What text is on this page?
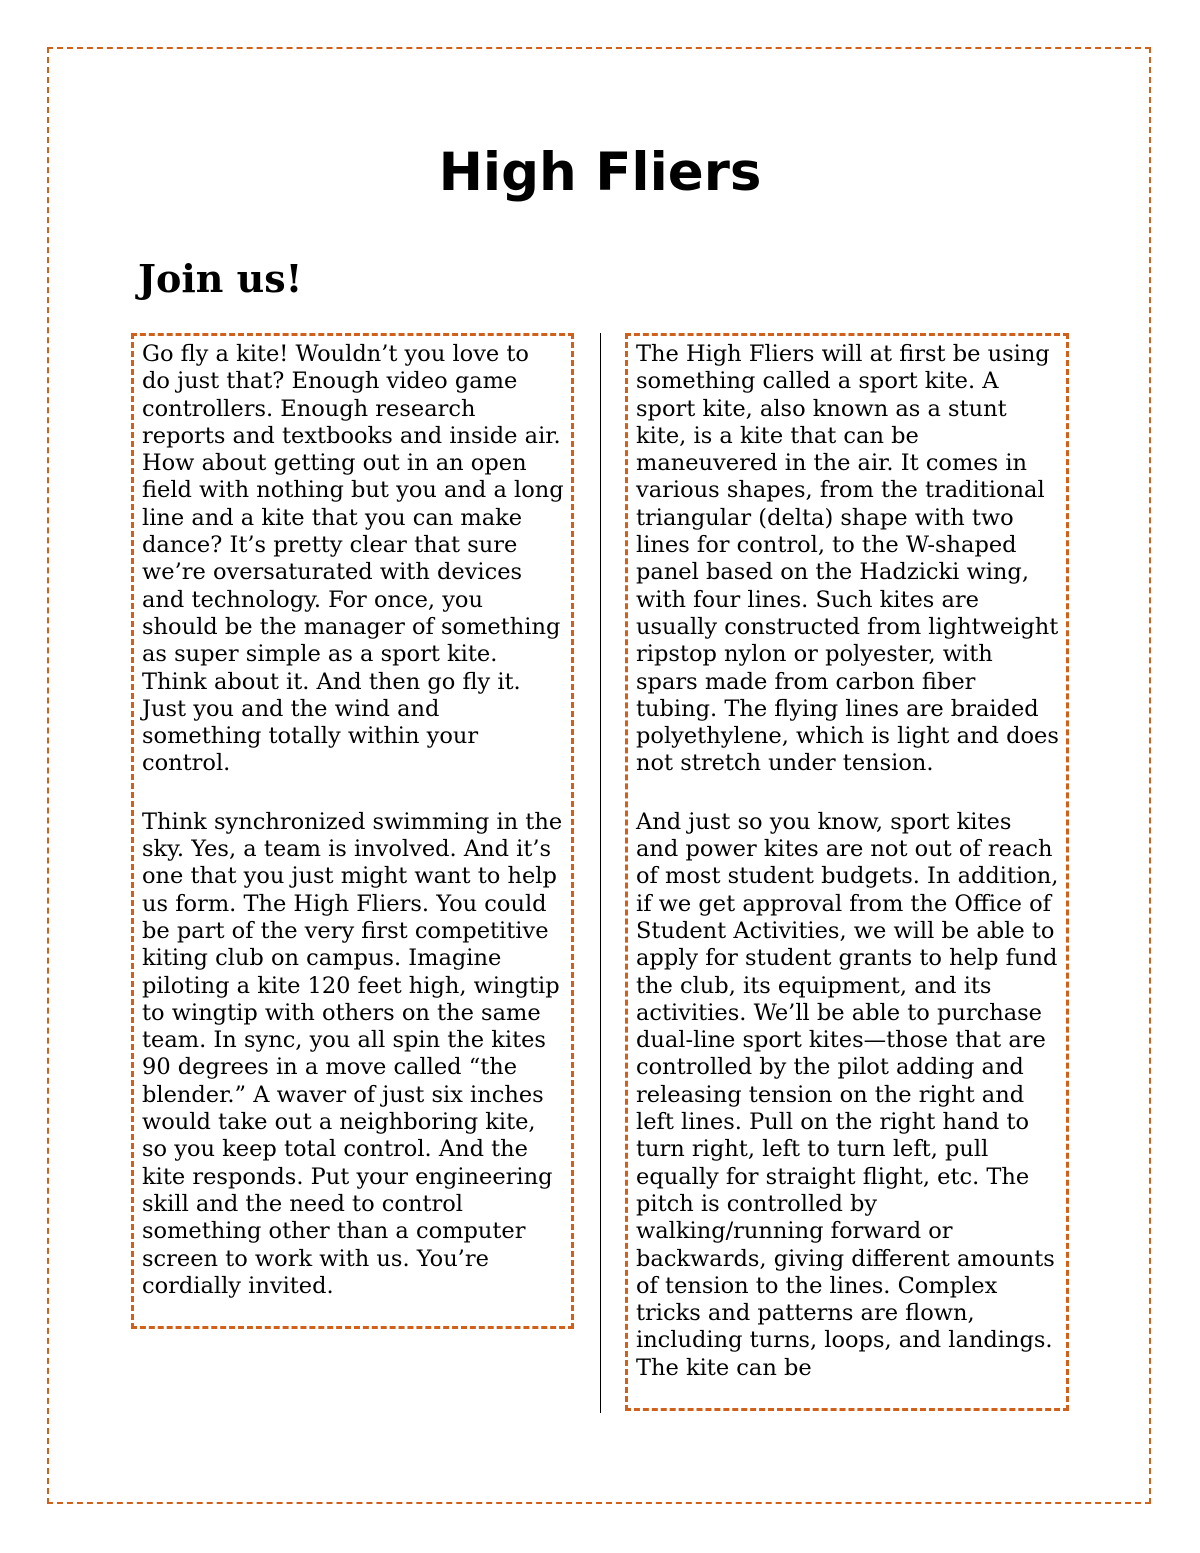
High Fliers
Join us!

Go fly a kite! Wouldn’t you love to do just that? Enough video game controllers. Enough research reports and textbooks and inside air. How about getting out in an open field with nothing but you and a long line and a kite that you can make dance? It’s pretty clear that sure we’re oversaturated with devices and technology. For once, you should be the manager of something as super simple as a sport kite. Think about it. And then go fly it. Just you and the wind and something totally within your control.

Think synchronized swimming in the sky. Yes, a team is involved. And it’s one that you just might want to help us form. The High Fliers. You could be part of the very first competitive kiting club on campus. Imagine piloting a kite 120 feet high, wingtip to wingtip with others on the same team. In sync, you all spin the kites 90 degrees in a move called “the blender.” A waver of just six inches would take out a neighboring kite, so you keep total control. And the kite responds. Put your engineering skill and the need to control something other than a computer screen to work with us. You’re cordially invited.

The High Fliers will at first be using something called a sport kite. A sport kite, also known as a stunt kite, is a kite that can be maneuvered in the air. It comes in various shapes, from the traditional triangular (delta) shape with two lines for control, to the W-shaped panel based on the Hadzicki wing, with four lines. Such kites are usually constructed from lightweight ripstop nylon or polyester, with spars made from carbon fiber tubing. The flying lines are braided polyethylene, which is light and does not stretch under tension.

And just so you know, sport kites and power kites are not out of reach of most student budgets. In addition, if we get approval from the Office of Student Activities, we will be able to apply for student grants to help fund the club, its equipment, and its activities. We’ll be able to purchase dual-line sport kites—those that are controlled by the pilot adding and releasing tension on the right and left lines. Pull on the right hand to turn right, left to turn left, pull equally for straight flight, etc. The pitch is controlled by walking/running forward or backwards, giving different amounts of tension to the lines. Complex tricks and patterns are flown, including turns, loops, and landings. The kite can be
